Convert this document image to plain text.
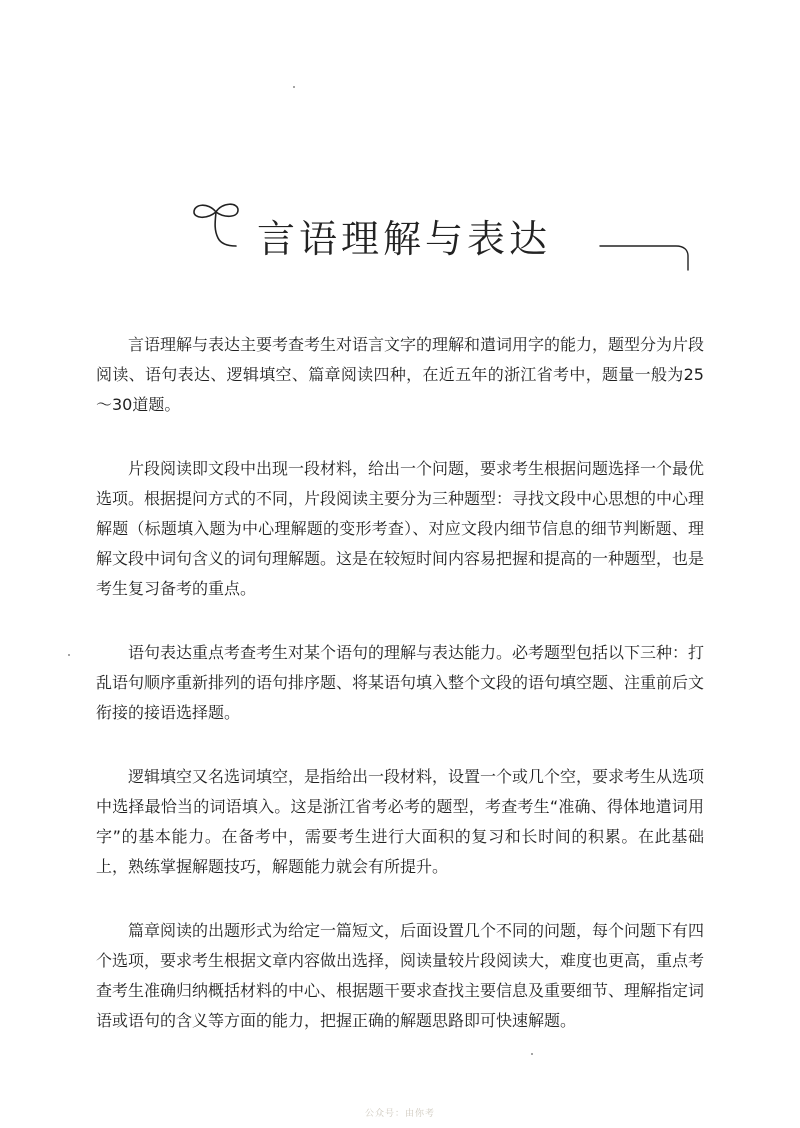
言语理解与表达

言语理解与表达主要考查考生对语言文字的理解和遣词用字的能力，题型分为片段阅读、语句表达、逻辑填空、篇章阅读四种，在近五年的浙江省考中，题量一般为25～30道题。

片段阅读即文段中出现一段材料，给出一个问题，要求考生根据问题选择一个最优选项。根据提问方式的不同，片段阅读主要分为三种题型：寻找文段中心思想的中心理解题（标题填入题为中心理解题的变形考查）、对应文段内细节信息的细节判断题、理解文段中词句含义的词句理解题。这是在较短时间内容易把握和提高的一种题型，也是考生复习备考的重点。

语句表达重点考查考生对某个语句的理解与表达能力。必考题型包括以下三种：打乱语句顺序重新排列的语句排序题、将某语句填入整个文段的语句填空题、注重前后文衔接的接语选择题。

逻辑填空又名选词填空，是指给出一段材料，设置一个或几个空，要求考生从选项中选择最恰当的词语填入。这是浙江省考必考的题型，考查考生“准确、得体地遣词用字”的基本能力。在备考中，需要考生进行大面积的复习和长时间的积累。在此基础上，熟练掌握解题技巧，解题能力就会有所提升。

篇章阅读的出题形式为给定一篇短文，后面设置几个不同的问题，每个问题下有四个选项，要求考生根据文章内容做出选择，阅读量较片段阅读大，难度也更高，重点考查考生准确归纳概括材料的中心、根据题干要求查找主要信息及重要细节、理解指定词语或语句的含义等方面的能力，把握正确的解题思路即可快速解题。

公众号：由你考
